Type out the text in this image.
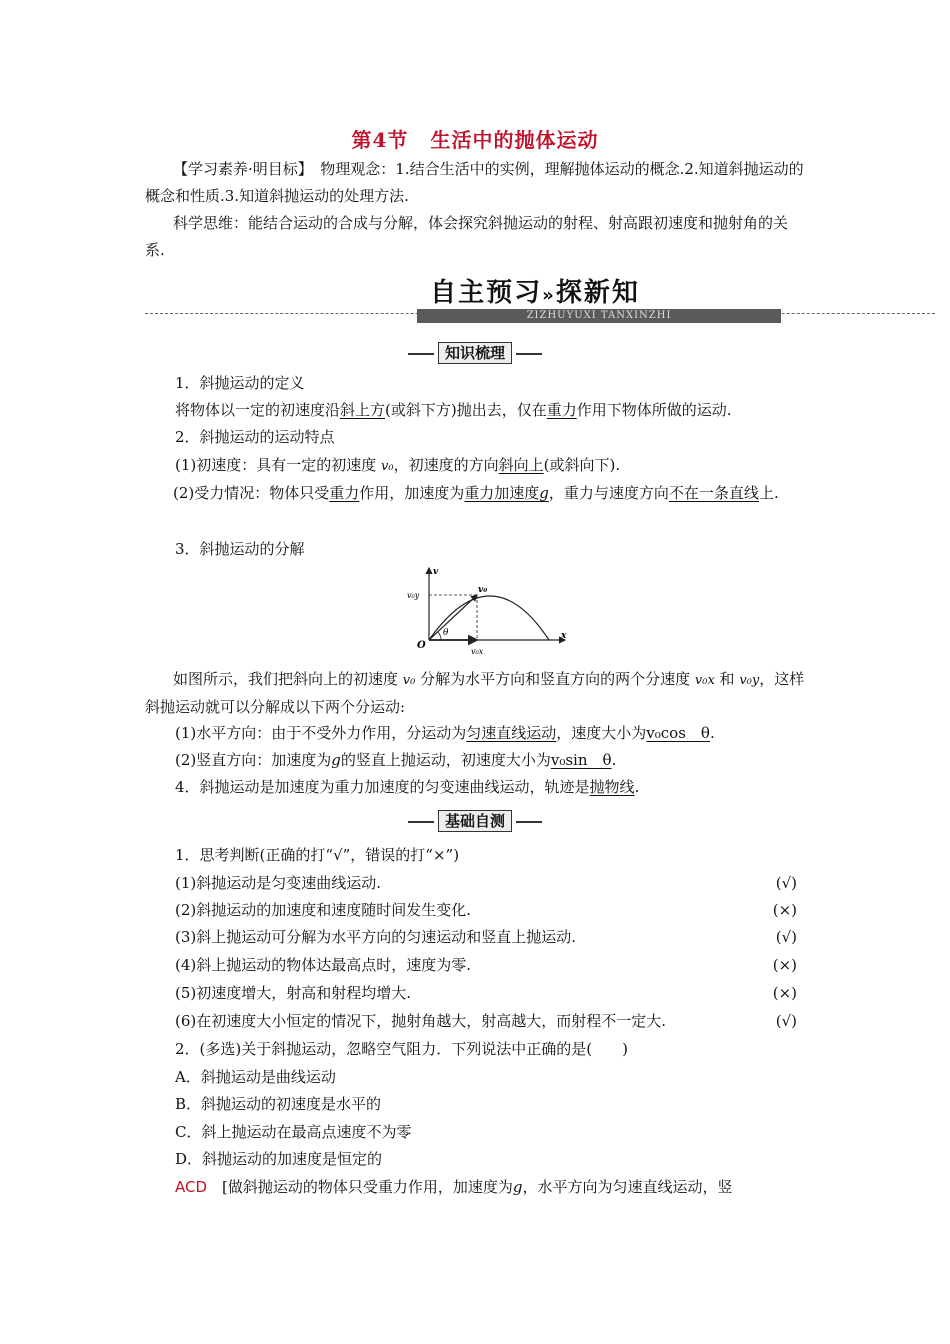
第4节 生活中的抛体运动
【学习素养·明目标】　物理观念：1.结合生活中的实例，理解抛体运动的概念.2.知道斜抛运动的概念和性质.3.知道斜抛运动的处理方法.
科学思维：能结合运动的合成与分解，体会探究斜抛运动的射程、射高跟初速度和抛射角的关系.
自主预习»探新知
ZIZHUYUXI TANXINZHI
知识梳理
1．斜抛运动的定义
将物体以一定的初速度沿斜上方(或斜下方)抛出去，仅在重力作用下物体所做的运动.
2．斜抛运动的运动特点
(1)初速度：具有一定的初速度 v₀，初速度的方向斜向上(或斜向下).
(2)受力情况：物体只受重力作用，加速度为重力加速度g，重力与速度方向不在一条直线上.
3．斜抛运动的分解
v
v₀y
v₀
O
θ
v₀x
x
如图所示，我们把斜向上的初速度 v₀ 分解为水平方向和竖直方向的两个分速度 v₀x 和 v₀y，这样斜抛运动就可以分解成以下两个分运动:
(1)水平方向：由于不受外力作用，分运动为匀速直线运动，速度大小为v₀cos　θ.
(2)竖直方向：加速度为g的竖直上抛运动，初速度大小为v₀sin　θ.
4．斜抛运动是加速度为重力加速度的匀变速曲线运动，轨迹是抛物线.
基础自测
1．思考判断(正确的打“√”，错误的打“×”)
(1)斜抛运动是匀变速曲线运动.	(√)
(2)斜抛运动的加速度和速度随时间发生变化.	(×)
(3)斜上抛运动可分解为水平方向的匀速运动和竖直上抛运动.	(√)
(4)斜上抛运动的物体达最高点时，速度为零.	(×)
(5)初速度增大，射高和射程均增大.	(×)
(6)在初速度大小恒定的情况下，抛射角越大，射高越大，而射程不一定大.	(√)
2．(多选)关于斜抛运动，忽略空气阻力．下列说法中正确的是(　　)
A．斜抛运动是曲线运动
B．斜抛运动的初速度是水平的
C．斜上抛运动在最高点速度不为零
D．斜抛运动的加速度是恒定的
ACD　[做斜抛运动的物体只受重力作用，加速度为g，水平方向为匀速直线运动，竖
